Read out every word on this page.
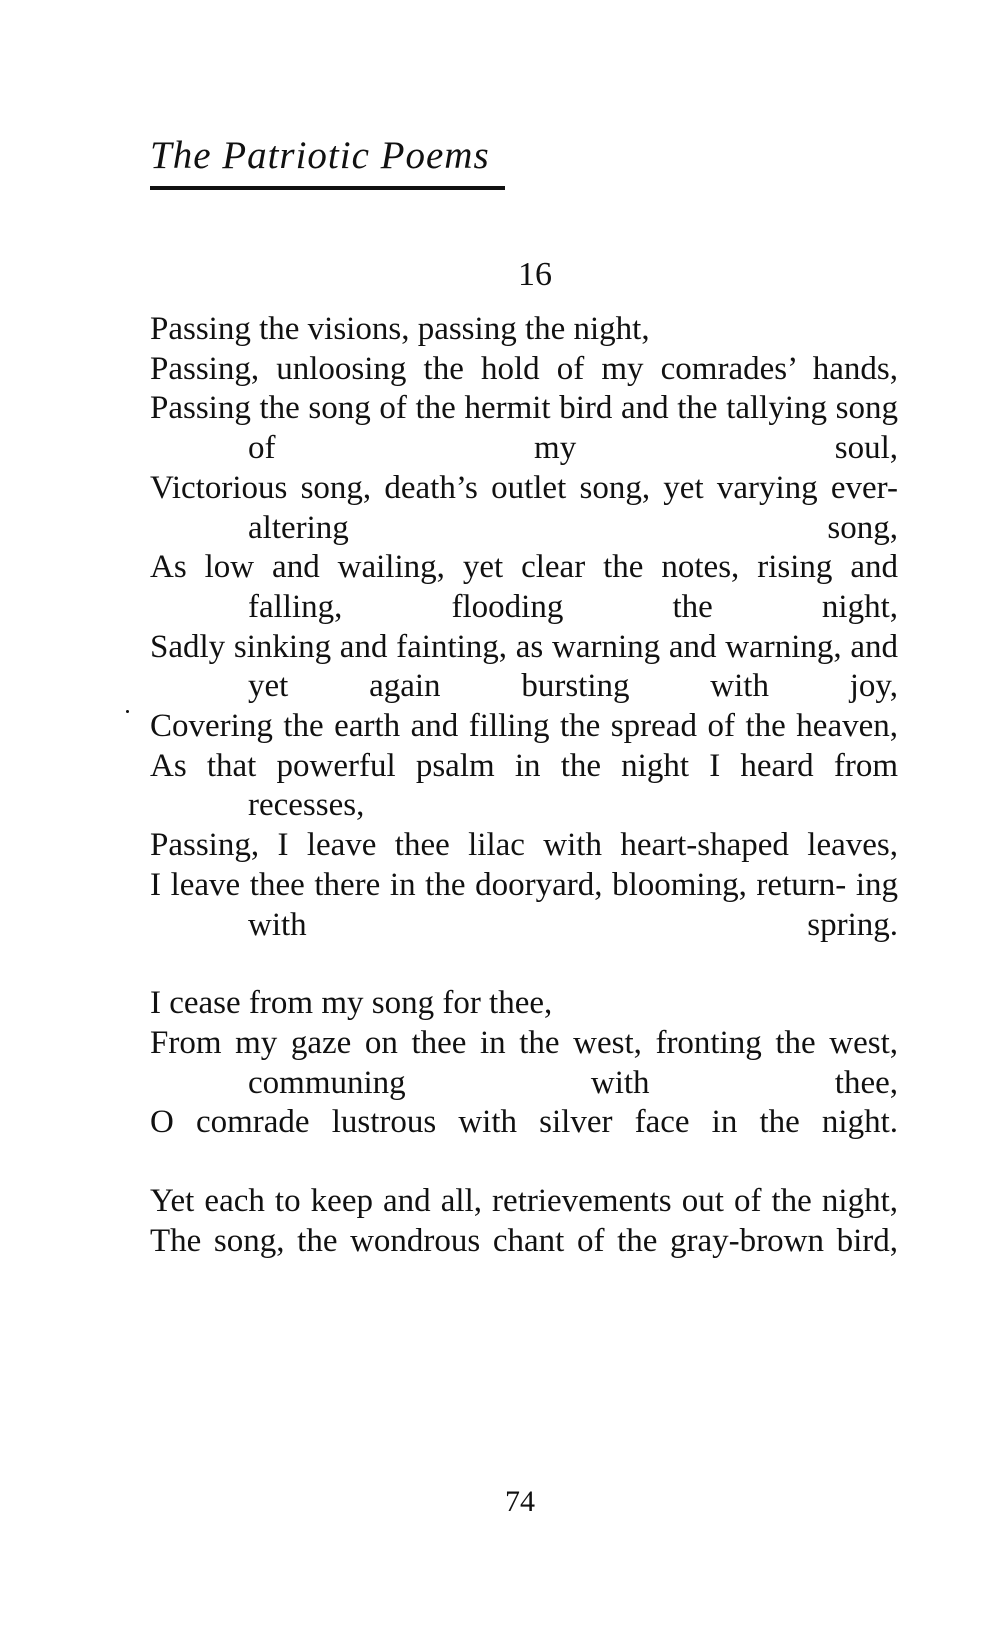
The Patriotic Poems
16
Passing the visions, passing the night,
Passing, unloosing the hold of my comrades’ hands,
Passing the song of the hermit bird and the tallying song of my soul,
Victorious song, death’s outlet song, yet varying ever-altering song,
As low and wailing, yet clear the notes, rising and falling, flooding the night,
Sadly sinking and fainting, as warning and warning, and yet again bursting with joy,
Covering the earth and filling the spread of the heaven,
As that powerful psalm in the night I heard from recesses,
Passing, I leave thee lilac with heart-shaped leaves,
I leave thee there in the dooryard, blooming, return- ing with spring.
I cease from my song for thee,
From my gaze on thee in the west, fronting the west, communing with thee,
O comrade lustrous with silver face in the night.
Yet each to keep and all, retrievements out of the night,
The song, the wondrous chant of the gray-brown bird,
74
